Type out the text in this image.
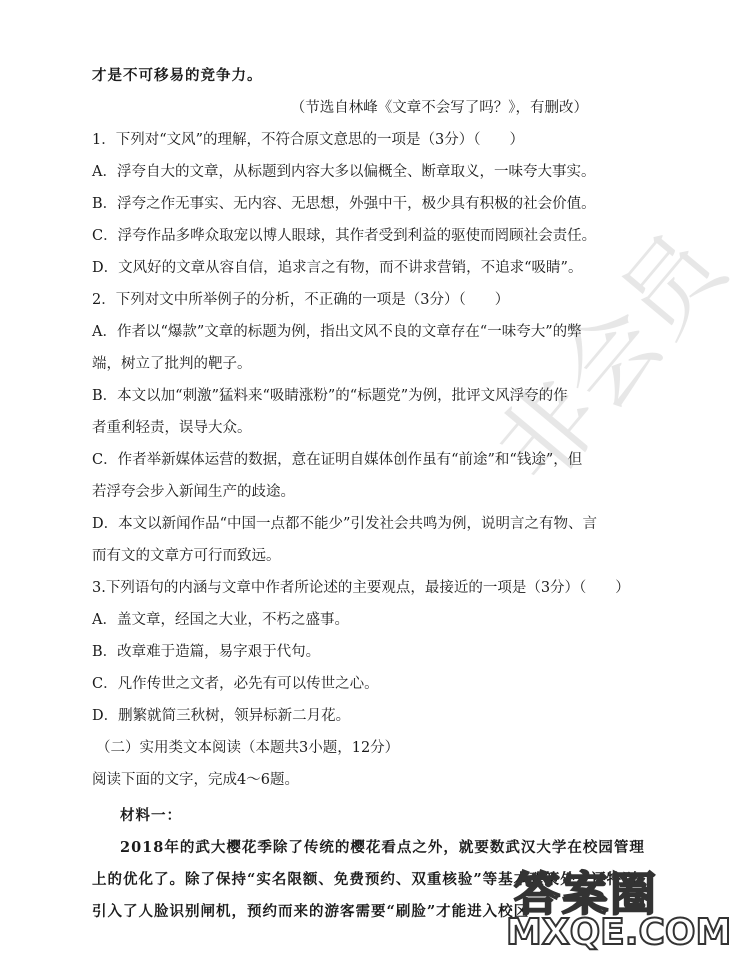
才是不可移易的竞争力。
（节选自林峰《文章不会写了吗？》，有删改）
1．下列对“文风”的理解，不符合原文意思的一项是（3分）（　　）
A．浮夸自大的文章，从标题到内容大多以偏概全、断章取义，一味夸大事实。
B．浮夸之作无事实、无内容、无思想，外强中干，极少具有积极的社会价值。
C．浮夸作品多哗众取宠以博人眼球，其作者受到利益的驱使而罔顾社会责任。
D．文风好的文章从容自信，追求言之有物，而不讲求营销，不追求“吸睛”。
2．下列对文中所举例子的分析，不正确的一项是（3分）（　　）
A．作者以“爆款”文章的标题为例，指出文风不良的文章存在“一味夸大”的弊
端，树立了批判的靶子。
B．本文以加“刺激”猛料来“吸睛涨粉”的“标题党”为例，批评文风浮夸的作
者重利轻责，误导大众。
C．作者举新媒体运营的数据，意在证明自媒体创作虽有“前途”和“钱途”，但
若浮夸会步入新闻生产的歧途。
D．本文以新闻作品“中国一点都不能少”引发社会共鸣为例，说明言之有物、言
而有文的文章方可行而致远。
3.下列语句的内涵与文章中作者所论述的主要观点，最接近的一项是（3分）（　　）
A．盖文章，经国之大业，不朽之盛事。
B．改章难于造篇，易字艰于代句。
C．凡作传世之文者，必先有可以传世之心。
D．删繁就简三秋树，领异标新二月花。
（二）实用类文本阅读（本题共3小题，12分）
阅读下面的文字，完成4～6题。
材料一：
2018年的武大樱花季除了传统的樱花看点之外，就要数武汉大学在校园管理
上的优化了。除了保持“实名限额、免费预约、双重核验”等基本政策外，还特别
引入了人脸识别闸机，预约而来的游客需要“刷脸”才能进入校区
非会员
答案圈
MXQE.COM
